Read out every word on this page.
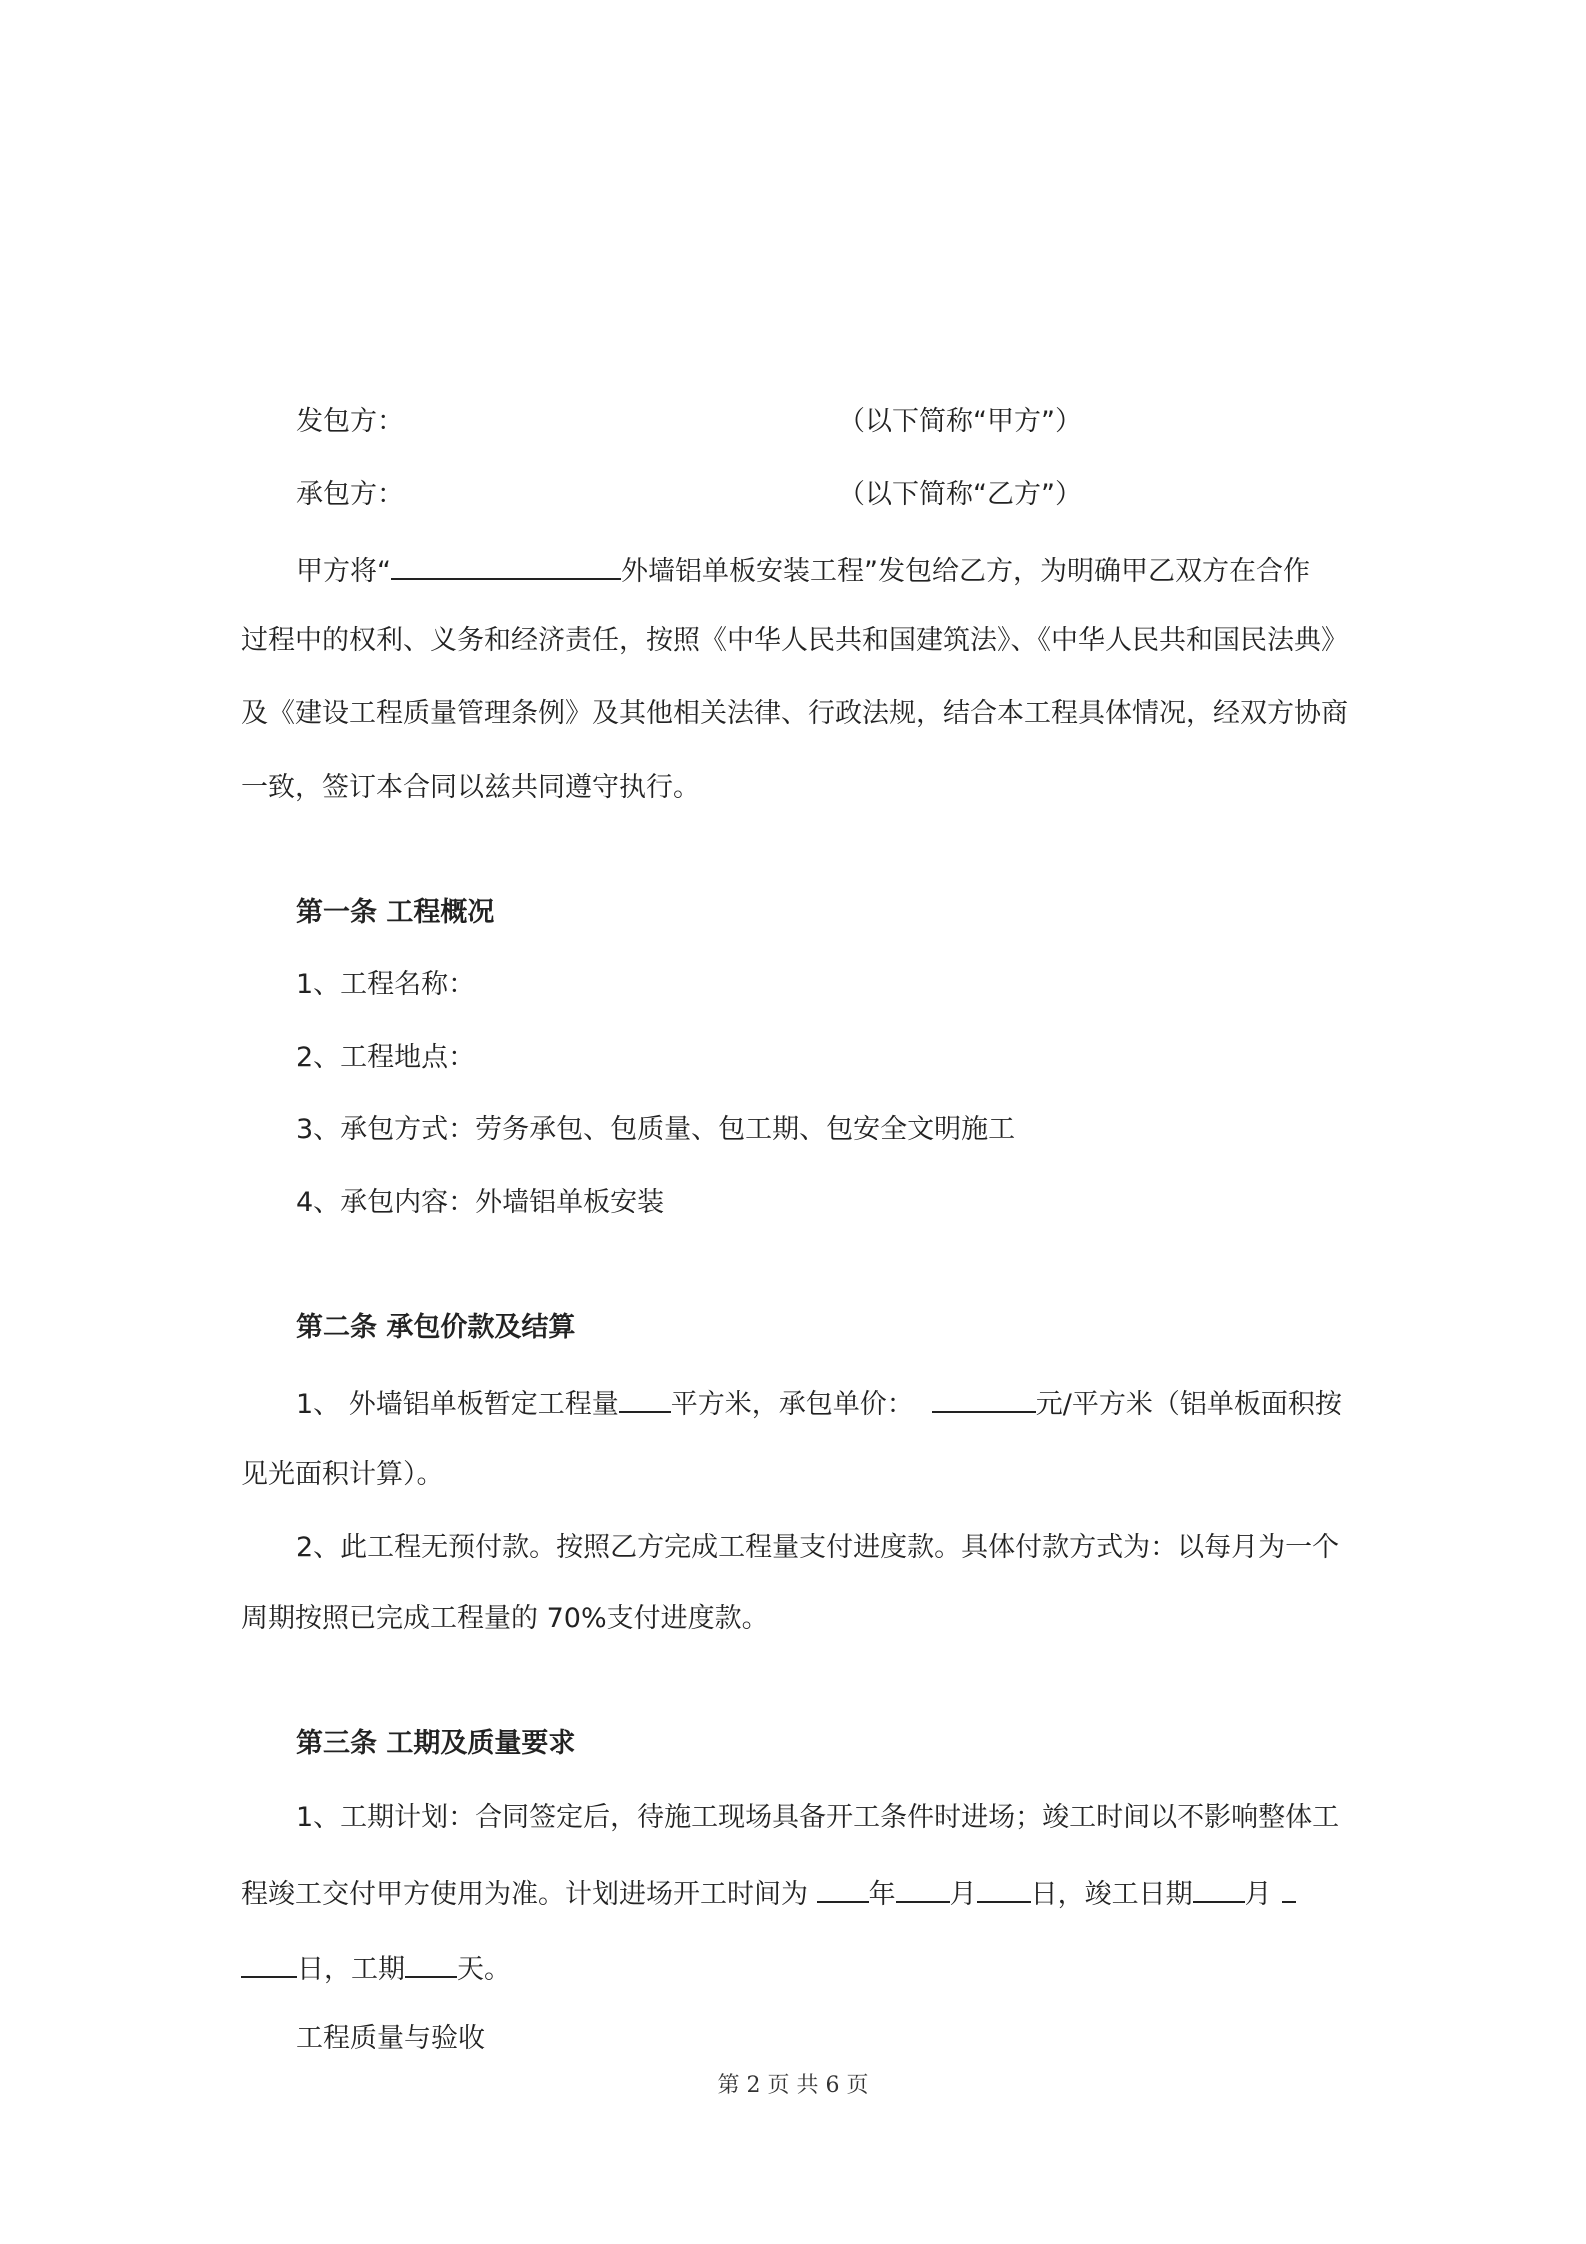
发包方：	（以下简称“甲方”）
承包方：	（以下简称“乙方”）
甲方将“	外墙铝单板安装工程”发包给乙方，为明确甲乙双方在合作
过程中的权利、义务和经济责任，按照《中华人民共和国建筑法》、《中华人民共和国民法典》
及《建设工程质量管理条例》及其他相关法律、行政法规，结合本工程具体情况，经双方协商
一致，签订本合同以兹共同遵守执行。
第一条 工程概况
1、工程名称：
2、工程地点：
3、承包方式：劳务承包、包质量、包工期、包安全文明施工
4、承包内容：外墙铝单板安装
第二条 承包价款及结算
1、 外墙铝单板暂定工程量 平方米，承包单价：	元/平方米（铝单板面积按
见光面积计算）。
2、此工程无预付款。按照乙方完成工程量支付进度款。具体付款方式为：以每月为一个
周期按照已完成工程量的 70%支付进度款。
第三条 工期及质量要求
1、工期计划：合同签定后，待施工现场具备开工条件时进场；竣工时间以不影响整体工
程竣工交付甲方使用为准。计划进场开工时间为 年 月 日，竣工日期 月
日，工期 天。
工程质量与验收
第 2 页 共 6 页
